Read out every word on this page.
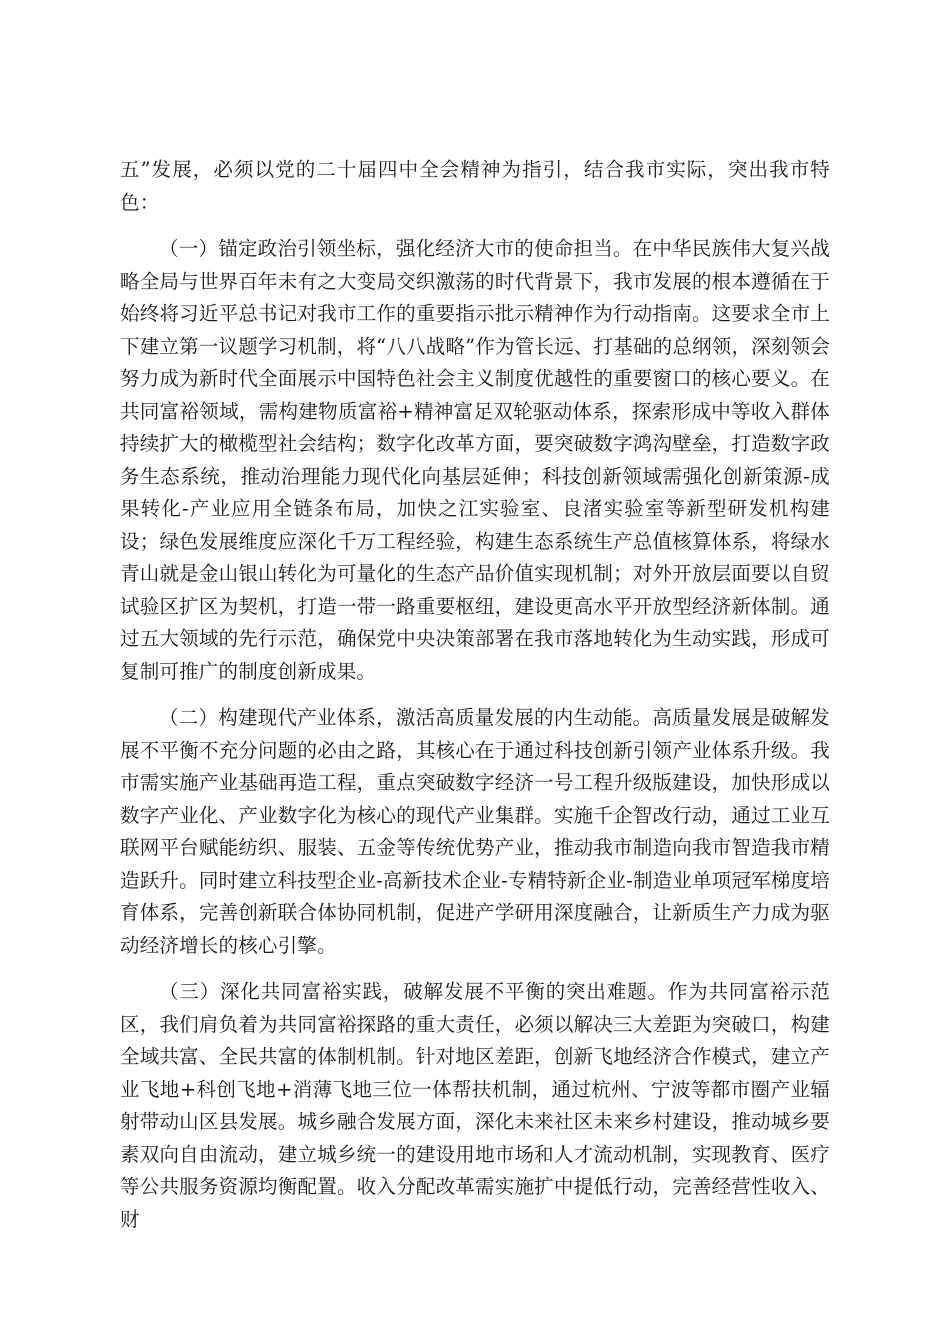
五”发展，必须以党的二十届四中全会精神为指引，结合我市实际，突出我市特色：

（一）锚定政治引领坐标，强化经济大市的使命担当。在中华民族伟大复兴战略全局与世界百年未有之大变局交织激荡的时代背景下，我市发展的根本遵循在于始终将习近平总书记对我市工作的重要指示批示精神作为行动指南。这要求全市上下建立第一议题学习机制，将“八八战略”作为管长远、打基础的总纲领，深刻领会努力成为新时代全面展示中国特色社会主义制度优越性的重要窗口的核心要义。在共同富裕领域，需构建物质富裕+精神富足双轮驱动体系，探索形成中等收入群体持续扩大的橄榄型社会结构；数字化改革方面，要突破数字鸿沟壁垒，打造数字政务生态系统，推动治理能力现代化向基层延伸；科技创新领域需强化创新策源-成果转化-产业应用全链条布局，加快之江实验室、良渚实验室等新型研发机构建设；绿色发展维度应深化千万工程经验，构建生态系统生产总值核算体系，将绿水青山就是金山银山转化为可量化的生态产品价值实现机制；对外开放层面要以自贸试验区扩区为契机，打造一带一路重要枢纽，建设更高水平开放型经济新体制。通过五大领域的先行示范，确保党中央决策部署在我市落地转化为生动实践，形成可复制可推广的制度创新成果。

（二）构建现代产业体系，激活高质量发展的内生动能。高质量发展是破解发展不平衡不充分问题的必由之路，其核心在于通过科技创新引领产业体系升级。我市需实施产业基础再造工程，重点突破数字经济一号工程升级版建设，加快形成以数字产业化、产业数字化为核心的现代产业集群。实施千企智改行动，通过工业互联网平台赋能纺织、服装、五金等传统优势产业，推动我市制造向我市智造我市精造跃升。同时建立科技型企业-高新技术企业-专精特新企业-制造业单项冠军梯度培育体系，完善创新联合体协同机制，促进产学研用深度融合，让新质生产力成为驱动经济增长的核心引擎。

（三）深化共同富裕实践，破解发展不平衡的突出难题。作为共同富裕示范区，我们肩负着为共同富裕探路的重大责任，必须以解决三大差距为突破口，构建全域共富、全民共富的体制机制。针对地区差距，创新飞地经济合作模式，建立产业飞地+科创飞地+消薄飞地三位一体帮扶机制，通过杭州、宁波等都市圈产业辐射带动山区县发展。城乡融合发展方面，深化未来社区未来乡村建设，推动城乡要素双向自由流动，建立城乡统一的建设用地市场和人才流动机制，实现教育、医疗等公共服务资源均衡配置。收入分配改革需实施扩中提低行动，完善经营性收入、财
